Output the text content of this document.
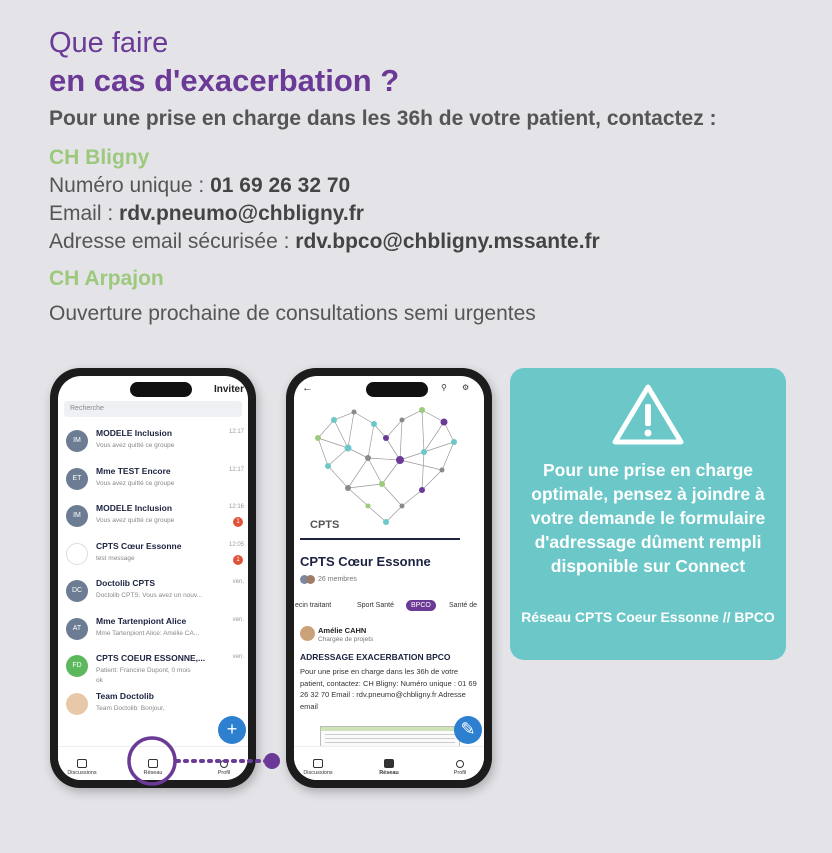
Que faire
en cas d'exacerbation ?
Pour une prise en charge dans les 36h de votre patient, contactez :
CH Bligny
Numéro unique : 01 69 26 32 70
Email : rdv.pneumo@chbligny.fr
Adresse email sécurisée : rdv.bpco@chbligny.mssante.fr
CH Arpajon
Ouverture prochaine de consultations semi urgentes
Inviter
Recherche
IM
MODELE Inclusion
Vous avez quitté ce groupe
12:17
ET
Mme TEST Encore
Vous avez quitté ce groupe
12:17
IM
MODELE Inclusion
Vous avez quitté ce groupe
12:16
1
CPTS Cœur Essonne
test message
12:05
1
DC
Doctolib CPTS
Doctolib CPTS: Vous avez un nouv...
ven.
AT
Mme Tartenpiont Alice
Mme Tartenpiont Alice: Amélie CA...
ven.
FD
CPTS COEUR ESSONNE,...
Patient: Francine Dupont, 0 mois
ok
ven.
Team Doctolib
Team Doctolib: Bonjour,
+
Discussions	Réseau	Profil
←	⚲ ⚙
CPTS
CPTS Cœur Essonne
26 membres
ecin traitant	Sport Santé	BPCO	Santé de
Amélie CAHN
Chargée de projets
ADRESSAGE EXACERBATION BPCO
Pour une prise en charge dans les 36h de votre patient, contactez: CH Bligny: Numéro unique : 01 69 26 32 70 Email : rdv.pneumo@chbligny.fr Adresse email
✎
Discussions	Réseau	Profil
Pour une prise en charge optimale, pensez à joindre à votre demande le formulaire d'adressage dûment rempli disponible sur Connect
Réseau CPTS Coeur Essonne // BPCO
